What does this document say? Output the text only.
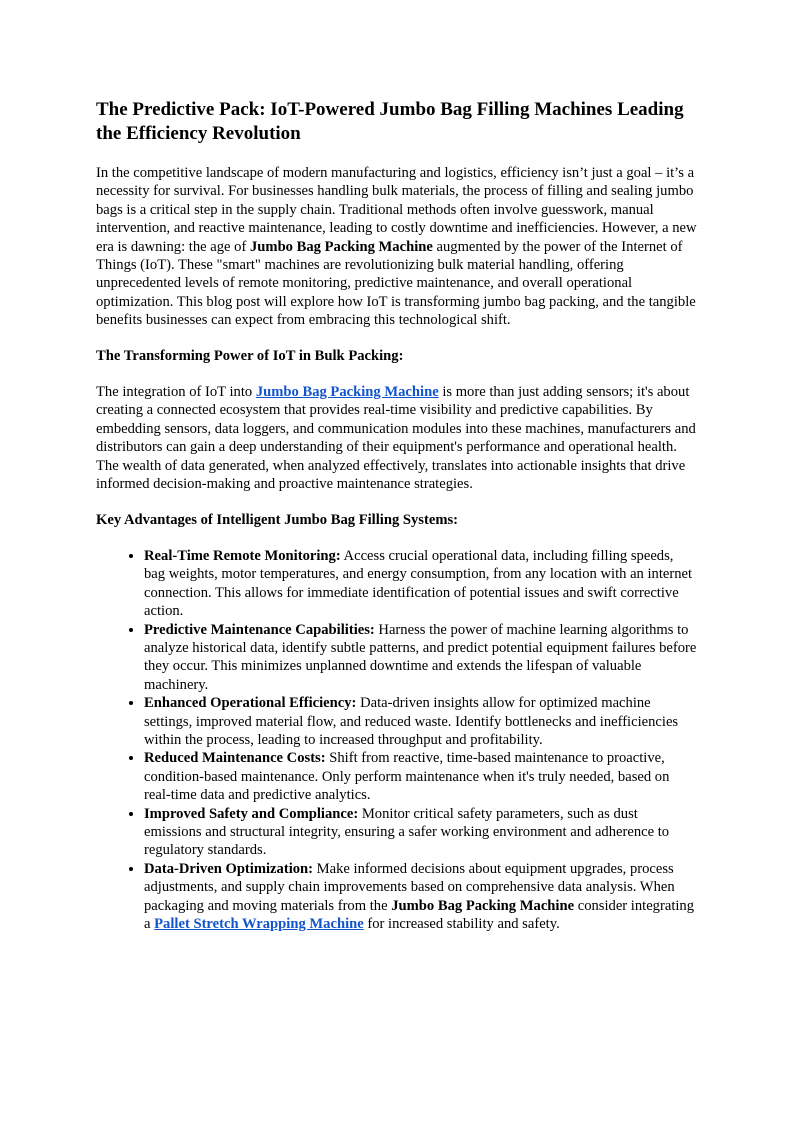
The Predictive Pack: IoT-Powered Jumbo Bag Filling Machines Leading the Efficiency Revolution

In the competitive landscape of modern manufacturing and logistics, efficiency isn’t just a goal – it’s a necessity for survival. For businesses handling bulk materials, the process of filling and sealing jumbo bags is a critical step in the supply chain. Traditional methods often involve guesswork, manual intervention, and reactive maintenance, leading to costly downtime and inefficiencies. However, a new era is dawning: the age of Jumbo Bag Packing Machine augmented by the power of the Internet of Things (IoT). These "smart" machines are revolutionizing bulk material handling, offering unprecedented levels of remote monitoring, predictive maintenance, and overall operational optimization. This blog post will explore how IoT is transforming jumbo bag packing, and the tangible benefits businesses can expect from embracing this technological shift.

The Transforming Power of IoT in Bulk Packing:

The integration of IoT into Jumbo Bag Packing Machine is more than just adding sensors; it's about creating a connected ecosystem that provides real-time visibility and predictive capabilities. By embedding sensors, data loggers, and communication modules into these machines, manufacturers and distributors can gain a deep understanding of their equipment's performance and operational health. The wealth of data generated, when analyzed effectively, translates into actionable insights that drive informed decision-making and proactive maintenance strategies.

Key Advantages of Intelligent Jumbo Bag Filling Systems:
• Real-Time Remote Monitoring: Access crucial operational data, including filling speeds, bag weights, motor temperatures, and energy consumption, from any location with an internet connection. This allows for immediate identification of potential issues and swift corrective action.
• Predictive Maintenance Capabilities: Harness the power of machine learning algorithms to analyze historical data, identify subtle patterns, and predict potential equipment failures before they occur. This minimizes unplanned downtime and extends the lifespan of valuable machinery.
• Enhanced Operational Efficiency: Data-driven insights allow for optimized machine settings, improved material flow, and reduced waste. Identify bottlenecks and inefficiencies within the process, leading to increased throughput and profitability.
• Reduced Maintenance Costs: Shift from reactive, time-based maintenance to proactive, condition-based maintenance. Only perform maintenance when it's truly needed, based on real-time data and predictive analytics.
• Improved Safety and Compliance: Monitor critical safety parameters, such as dust emissions and structural integrity, ensuring a safer working environment and adherence to regulatory standards.
• Data-Driven Optimization: Make informed decisions about equipment upgrades, process adjustments, and supply chain improvements based on comprehensive data analysis. When packaging and moving materials from the Jumbo Bag Packing Machine consider integrating a Pallet Stretch Wrapping Machine for increased stability and safety.
